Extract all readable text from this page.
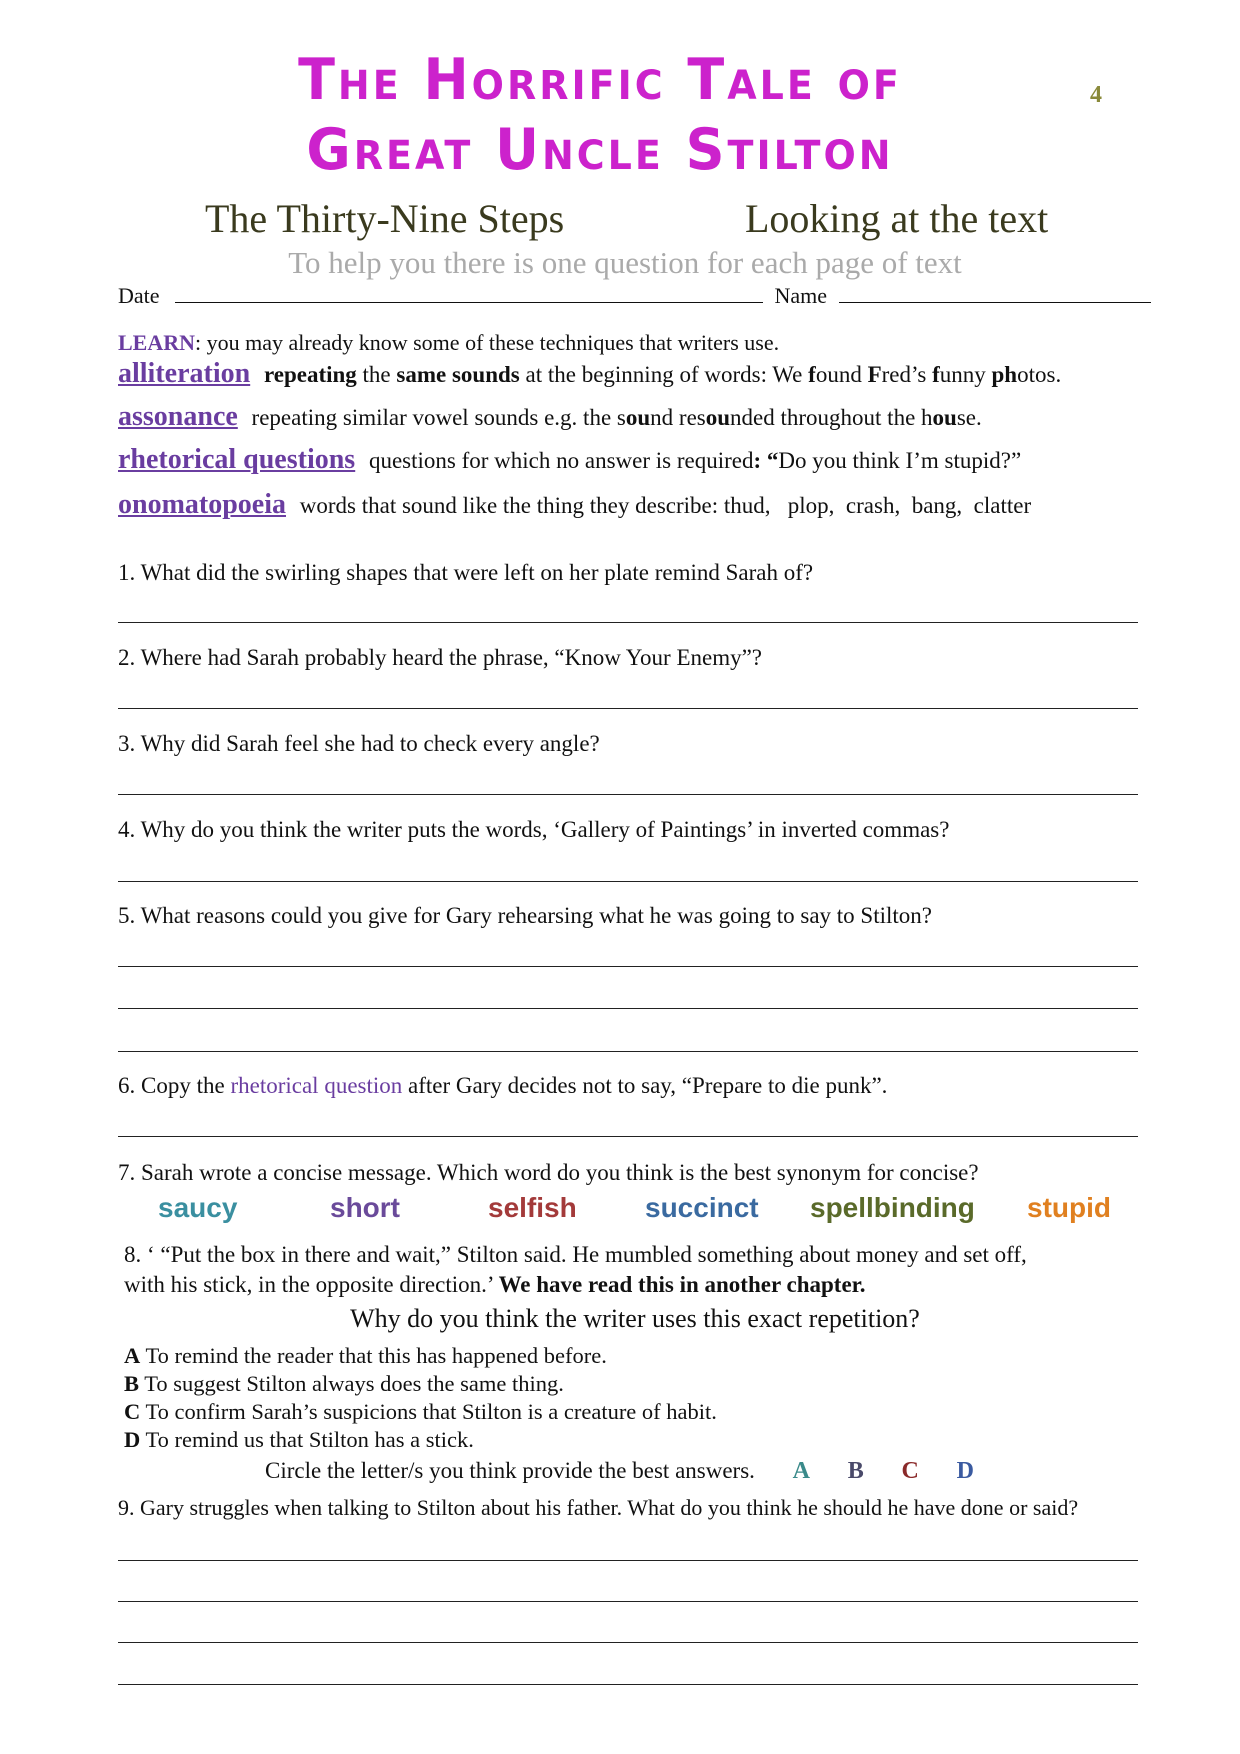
The Horrific Tale of
Great Uncle Stilton
4
The Thirty-Nine Steps	Looking at the text
To help you there is one question for each page of text
Date	Name
LEARN: you may already know some of these techniques that writers use.
alliteration repeating the same sounds at the beginning of words: We found Fred’s funny photos.
assonance repeating similar vowel sounds e.g. the sound resounded throughout the house.
rhetorical questions questions for which no answer is required: “Do you think I’m stupid?”
onomatopoeia words that sound like the thing they describe: thud,   plop,  crash,  bang,  clatter
1. What did the swirling shapes that were left on her plate remind Sarah of?
2. Where had Sarah probably heard the phrase, “Know Your Enemy”?
3. Why did Sarah feel she had to check every angle?
4. Why do you think the writer puts the words, ‘Gallery of Paintings’ in inverted commas?
5. What reasons could you give for Gary rehearsing what he was going to say to Stilton?
6. Copy the rhetorical question after Gary decides not to say, “Prepare to die punk”.
7. Sarah wrote a concise message. Which word do you think is the best synonym for concise?
saucy	short	selfish succinct spellbinding stupid
8. ‘ “Put the box in there and wait,” Stilton said. He mumbled something about money and set off,
with his stick, in the opposite direction.’ We have read this in another chapter.
Why do you think the writer uses this exact repetition?
A To remind the reader that this has happened before.
B To suggest Stilton always does the same thing.
C To confirm Sarah’s suspicions that Stilton is a creature of habit.
D To remind us that Stilton has a stick.
Circle the letter/s you think provide the best answers. A B C D
9. Gary struggles when talking to Stilton about his father. What do you think he should he have done or said?
